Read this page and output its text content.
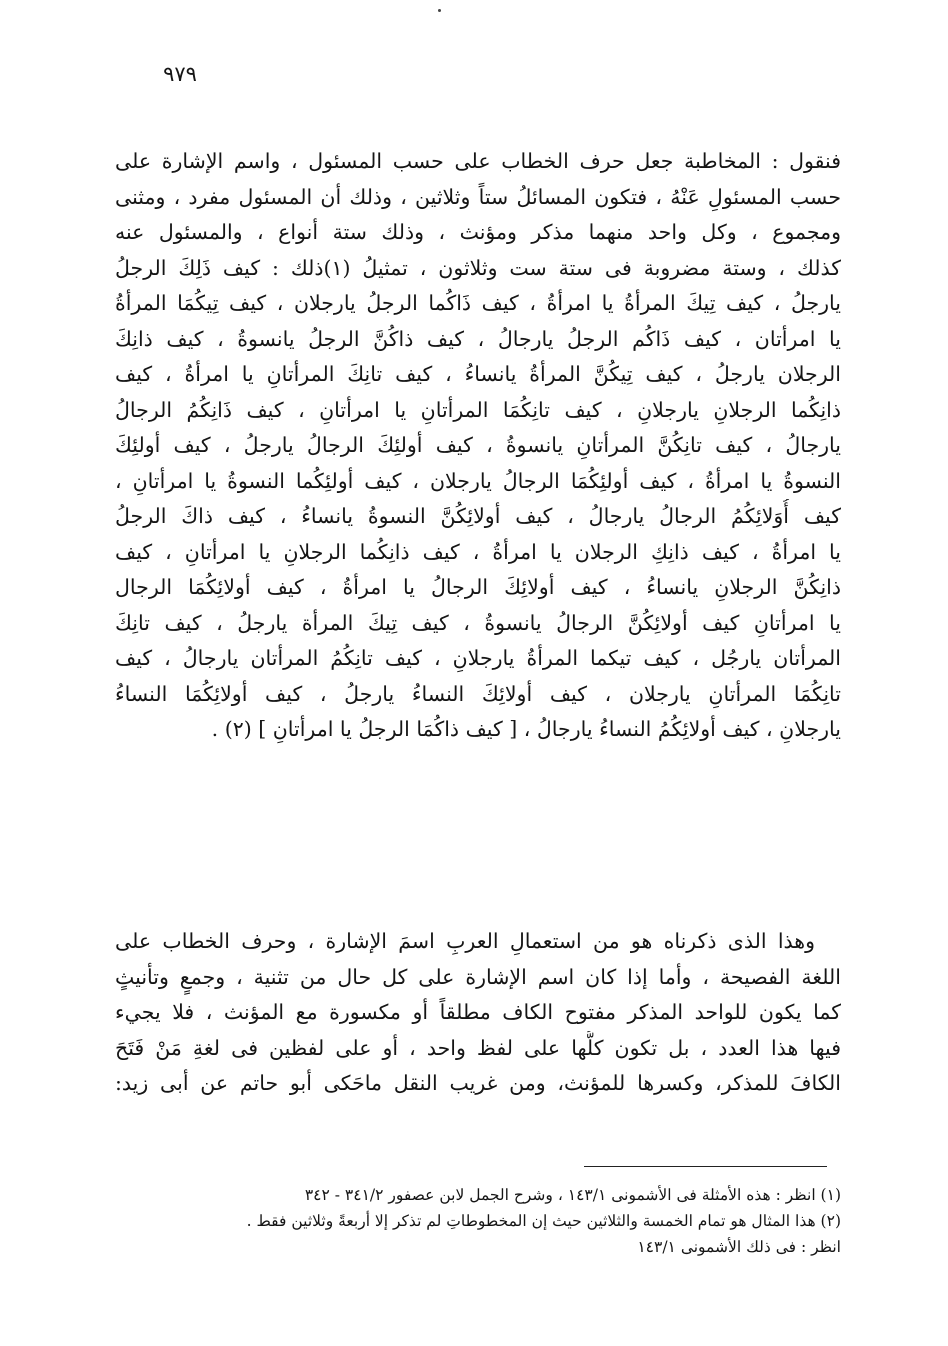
٩٧٩
فنقول : المخاطبة جعل حرف الخطاب على حسب المسئول ، واسم الإشارة على
حسب المسئولِ عَنْهُ ، فتكون المسائلُ ستاً وثلاثين ، وذلك أن المسئول مفرد ، ومثنى
ومجموع ، وكل واحد منهما مذكر ومؤنث ، وذلك ستة أنواع ، والمسئول عنه
كذلك ، وستة مضروبة فى ستة ست وثلاثون ، تمثيلُ (١)ذلك : كيف ذَلِكَ الرجلُ
يارجلُ ، كيف تِيكَ المرأةُ يا امرأةُ ، كيف ذَاكُما الرجلُ يارجلان ، كيف تِيكُمَا المرأةُ
يا امرأتان ، كيف ذَاكُم الرجلُ يارجالُ ، كيف ذاكُنَّ الرجلُ يانسوةُ ، كيف ذانِكَ
الرجلان يارجلُ ، كيف تِيكُنَّ المرأةُ يانساءُ ، كيف تانِكَ المرأتانِ يا امرأةُ ، كيف
ذانِكُما الرجلانِ يارجلانِ ، كيف تانِكُمَا المرأتانِ يا امرأتانِ ، كيف ذَانِكُمُ الرجالُ
يارجالُ ، كيف تانِكُنَّ المرأتانِ يانسوةُ ، كيف أولئِكَ الرجالُ يارجلُ ، كيف أولئِكَ
النسوةُ يا امرأةُ ، كيف أولئِكُمَا الرجالُ يارجلان ، كيف أولئِكُما النسوةُ يا امرأتانِ ،
كيف أُوَلائِكُمُ الرجالُ يارجالُ ، كيف أولائِكُنَّ النسوةُ يانساءُ ، كيف ذاكَ الرجلُ
يا امرأةُ ، كيف ذانِكِ الرجلان يا امرأةُ ، كيف ذانِكُما الرجلانِ يا امرأتانِ ، كيف
ذانِكُنَّ الرجلانِ يانساءُ ، كيف أولائِكَ الرجالُ يا امرأةُ ، كيف أولائِكُمَا الرجال
يا امرأتانِ كيف أولائِكُنَّ الرجالُ يانسوةُ ، كيف تِيكَ المرأة يارجلُ ، كيف تانِكَ
المرأتان يارجُل ، كيف تيكما المرأةُ يارجلانِ ، كيف تانِكُمُ المرأتان يارجالُ ، كيف
تانِكُمَا المرأتانِ يارجلان ، كيف أولائِكَ النساءُ يارجلُ ، كيف أولائِكُمَا النساءُ
يارجلانِ ، كيف أولائِكُمُ النساءُ يارجالُ ، [ كيف ذاكُمَا الرجلُ يا امرأتانِ ] (٢) .
وهذا الذى ذكرناه هو من استعمالِ العربِ اسمَ الإشارة ، وحرف الخطاب على
اللغة الفصيحة ، وأما إذا كان اسم الإشارة على كل حال من تثنية ، وجمعٍ وتأنيثٍ
كما يكون للواحد المذكر مفتوح الكاف مطلقاً أو مكسورة مع المؤنث ، فلا يجيء
فيها هذا العدد ، بل تكون كلُّها على لفظ واحد ، أو على لفظين فى لغةِ مَنْ فَتَحَ
الكافَ للمذكر، وكسرها للمؤنث، ومن غريب النقل ماحَكى أبو حاتم عن أبى زيد:
(١) انظر : هذه الأمثلة فى الأشمونى ١٤٣/١ ، وشرح الجمل لابن عصفور ٣٤١/٢ - ٣٤٢
(٢) هذا المثال هو تمام الخمسة والثلاثين حيث إن المخطوطاتِ لم تذكر إلا أربعةً وثلاثين فقط .
انظر : فى ذلك الأشمونى ١٤٣/١
